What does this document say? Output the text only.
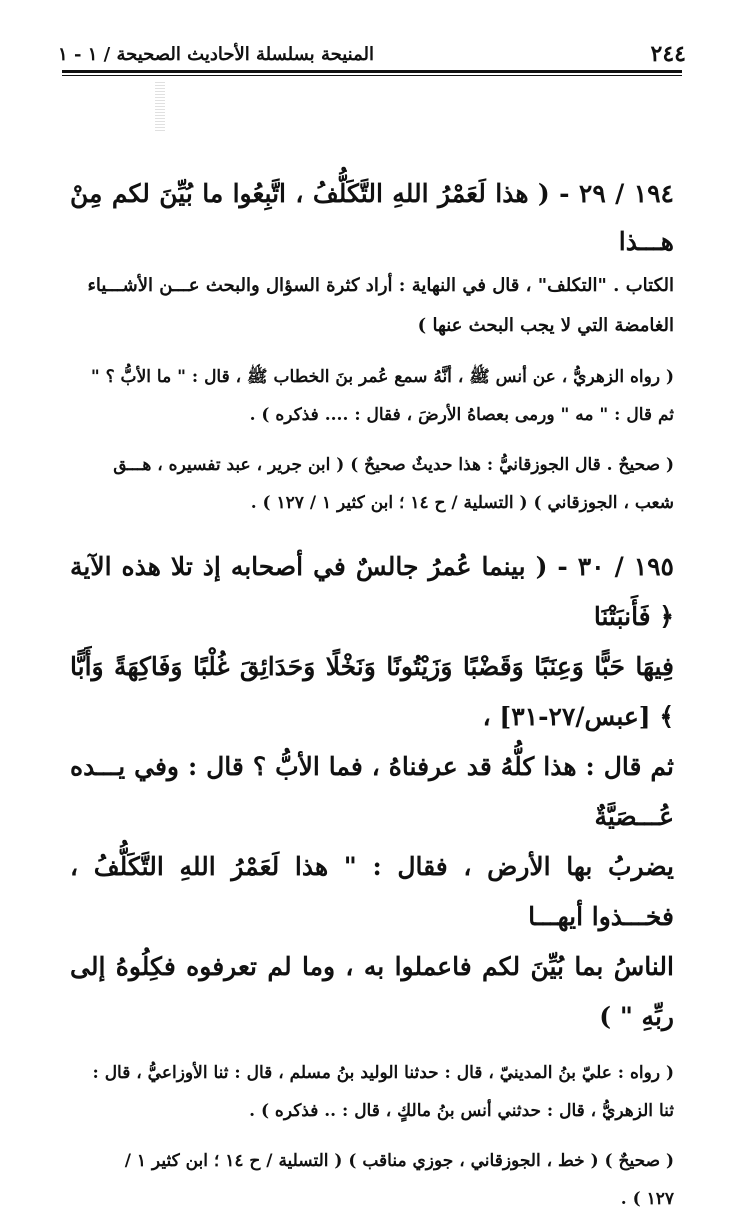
٢٤٤
المنيحة بسلسلة الأحاديث الصحيحة / ١ - ١

١٩٤ / ٢٩ - ( هذا لَعَمْرُ اللهِ التَّكَلُّفُ ، اتَّبِعُوا ما بُيِّنَ لكم مِنْ هـــذا

الكتاب . "التكلف" ، قال في النهاية : أراد كثرة السؤال والبحث عـــن الأشـــياء

الغامضة التي لا يجب البحث عنها )

( رواه الزهريُّ ، عن أنس ﷺ ، أنَّهُ سمع عُمر بنَ الخطاب ﷺ ، قال : " ما الأبُّ ؟ "

ثم قال : " مه " ورمى بعصاهُ الأرضَ ، فقال : .... فذكره ) .

( صحيحٌ . قال الجوزقانيُّ : هذا حديثٌ صحيحٌ ) ( ابن جرير ، عبد تفسيره ، هـــق

شعب ، الجوزقاني ) ( التسلية / ح ١٤ ؛ ابن كثير ١ / ١٢٧ ) .

١٩٥ / ٣٠ - ( بينما عُمرُ جالسٌ في أصحابه إذ تلا هذه الآية ﴿ فَأَنبَتْنَا

فِيهَا حَبًّا وَعِنَبًا وَقَضْبًا وَزَيْتُونًا وَنَخْلًا وَحَدَائِقَ غُلْبًا وَفَاكِهَةً وَأَبًّا ﴾ [عبس/٢٧-٣١] ،

ثم قال : هذا كلُّهُ قد عرفناهُ ، فما الأبُّ ؟ قال : وفي يـــده عُـــصَيَّةٌ

يضربُ بها الأرض ، فقال : " هذا لَعَمْرُ اللهِ التَّكَلُّفُ ، فخـــذوا أيهـــا

الناسُ بما بُيِّنَ لكم فاعملوا به ، وما لم تعرفوه فكِلُوهُ إلى ربِّهِ " )

( رواه : عليّ بنُ المدينيّ ، قال : حدثنا الوليد بنُ مسلم ، قال : ثنا الأوزاعيُّ ، قال :

ثنا الزهريُّ ، قال : حدثني أنس بنُ مالكٍ ، قال : .. فذكره ) .

( صحيحٌ ) ( خط ، الجوزقاني ، جوزي مناقب ) ( التسلية / ح ١٤ ؛ ابن كثير ١ /

١٢٧ ) .
